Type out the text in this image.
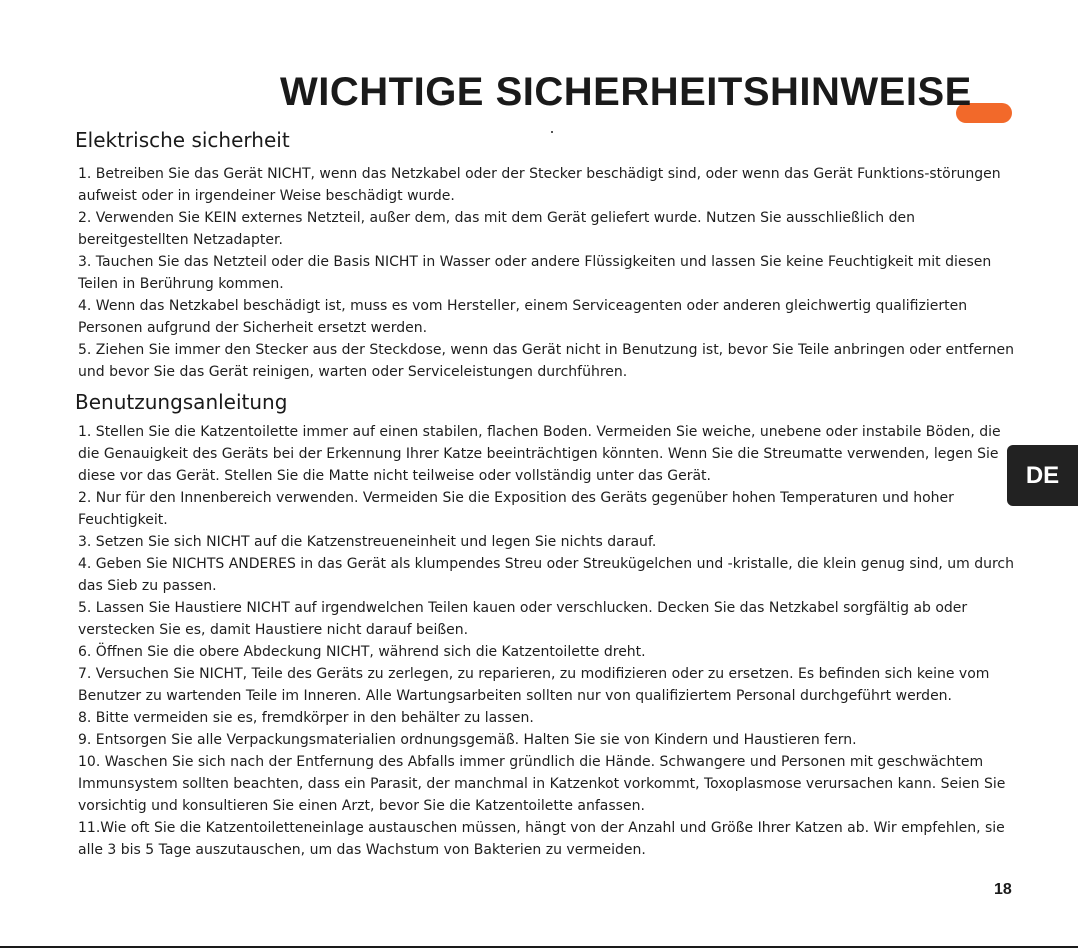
WICHTIGE SICHERHEITSHINWEISE
Elektrische sicherheit
1. Betreiben Sie das Gerät NICHT, wenn das Netzkabel oder der Stecker beschädigt sind, oder wenn das Gerät Funktions-störungen aufweist oder in irgendeiner Weise beschädigt wurde.
2. Verwenden Sie KEIN externes Netzteil, außer dem, das mit dem Gerät geliefert wurde. Nutzen Sie ausschließlich den bereitgestellten Netzadapter.
3. Tauchen Sie das Netzteil oder die Basis NICHT in Wasser oder andere Flüssigkeiten und lassen Sie keine Feuchtigkeit mit diesen Teilen in Berührung kommen.
4. Wenn das Netzkabel beschädigt ist, muss es vom Hersteller, einem Serviceagenten oder anderen gleichwertig qualifizierten Personen aufgrund der Sicherheit ersetzt werden.
5. Ziehen Sie immer den Stecker aus der Steckdose, wenn das Gerät nicht in Benutzung ist, bevor Sie Teile anbringen oder entfernen und bevor Sie das Gerät reinigen, warten oder Serviceleistungen durchführen.
Benutzungsanleitung
1. Stellen Sie die Katzentoilette immer auf einen stabilen, flachen Boden. Vermeiden Sie weiche, unebene oder instabile Böden, die die Genauigkeit des Geräts bei der Erkennung Ihrer Katze beeinträchtigen könnten. Wenn Sie die Streumatte verwenden, legen Sie diese vor das Gerät. Stellen Sie die Matte nicht teilweise oder vollständig unter das Gerät.
2. Nur für den Innenbereich verwenden. Vermeiden Sie die Exposition des Geräts gegenüber hohen Temperaturen und hoher Feuchtigkeit.
3. Setzen Sie sich NICHT auf die Katzenstreueneinheit und legen Sie nichts darauf.
4. Geben Sie NICHTS ANDERES in das Gerät als klumpendes Streu oder Streukügelchen und -kristalle, die klein genug sind, um durch das Sieb zu passen.
5. Lassen Sie Haustiere NICHT auf irgendwelchen Teilen kauen oder verschlucken. Decken Sie das Netzkabel sorgfältig ab oder verstecken Sie es, damit Haustiere nicht darauf beißen.
6. Öffnen Sie die obere Abdeckung NICHT, während sich die Katzentoilette dreht.
7. Versuchen Sie NICHT, Teile des Geräts zu zerlegen, zu reparieren, zu modifizieren oder zu ersetzen. Es befinden sich keine vom Benutzer zu wartenden Teile im Inneren. Alle Wartungsarbeiten sollten nur von qualifiziertem Personal durchgeführt werden.
8. Bitte vermeiden sie es, fremdkörper in den behälter zu lassen.
9. Entsorgen Sie alle Verpackungsmaterialien ordnungsgemäß. Halten Sie sie von Kindern und Haustieren fern.
10. Waschen Sie sich nach der Entfernung des Abfalls immer gründlich die Hände. Schwangere und Personen mit geschwächtem Immunsystem sollten beachten, dass ein Parasit, der manchmal in Katzenkot vorkommt, Toxoplasmose verursachen kann. Seien Sie vorsichtig und konsultieren Sie einen Arzt, bevor Sie die Katzentoilette anfassen.
11.Wie oft Sie die Katzentoiletteneinlage austauschen müssen, hängt von der Anzahl und Größe Ihrer Katzen ab. Wir empfehlen, sie alle 3 bis 5 Tage auszutauschen, um das Wachstum von Bakterien zu vermeiden.
DE
18
